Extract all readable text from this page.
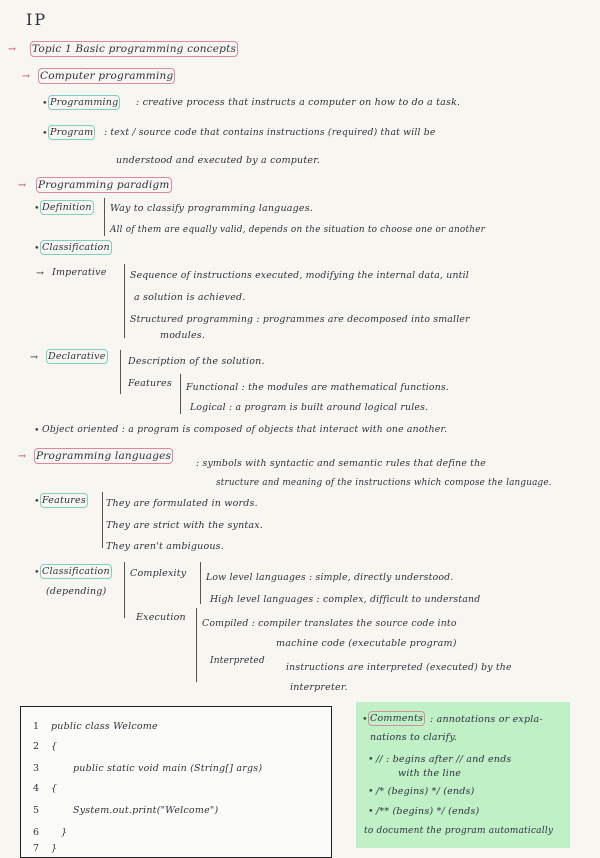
IP
→ Topic 1 Basic programming concepts
→ Computer programming
• Programming : creative process that instructs a computer on how to do a task.
• Program : text / source code that contains instructions (required) that will be
understood and executed by a computer.
→ Programming paradigm
• Definition Way to classify programming languages.
All of them are equally valid, depends on the situation to choose one or another
• Classification
→ Imperative	Sequence of instructions executed, modifying the internal data, until
a solution is achieved.
Structured programming : programmes are decomposed into smaller
modules.
→ Declarative Description of the solution.
Features Functional : the modules are mathematical functions.
Logical : a program is built around logical rules.
• Object oriented : a program is composed of objects that interact with one another.
→ Programming languages
: symbols with syntactic and semantic rules that define the
structure and meaning of the instructions which compose the language.
• Features They are formulated in words.
They are strict with the syntax.
They aren't ambiguous.
• Classification
(depending)
Complexity Low level languages : simple, directly understood.
High level languages : complex, difficult to understand
Execution
Compiled : compiler translates the source code into
machine code (executable program)
Interpreted
instructions are interpreted (executed) by the
interpreter.
1 public class Welcome
2 {
3	public static void main (String[] args)
4 {
5	System.out.print("Welcome")
6 }
7 }
• Comments : annotations or expla-
nations to clarify.
• // : begins after // and ends
with the line
• /* (begins) */ (ends)
• /** (begins) */ (ends)
to document the program automatically
